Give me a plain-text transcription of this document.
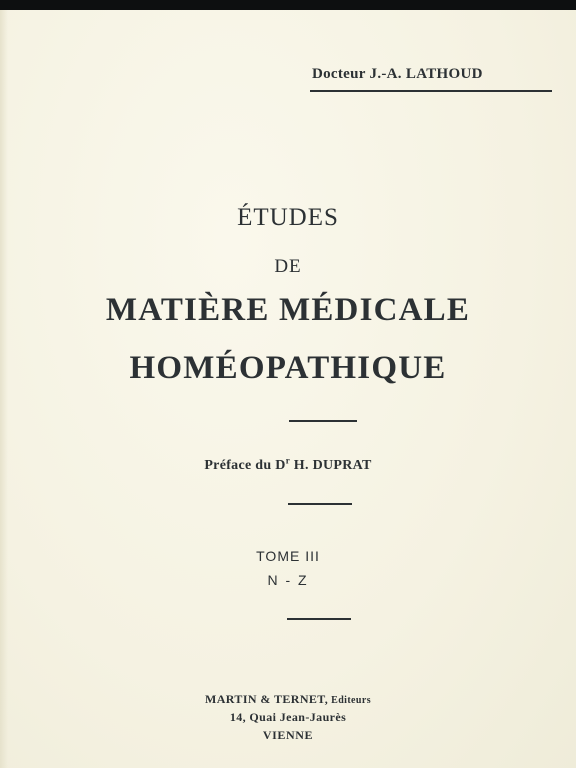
Docteur J.-A. LATHOUD
ÉTUDES
DE
MATIÈRE MÉDICALE
HOMÉOPATHIQUE
Préface du $D^r$ H. DUPRAT
TOME III
N - Z
MARTIN & TERNET, Editeurs
14, Quai Jean-Jaurès
VIENNE
